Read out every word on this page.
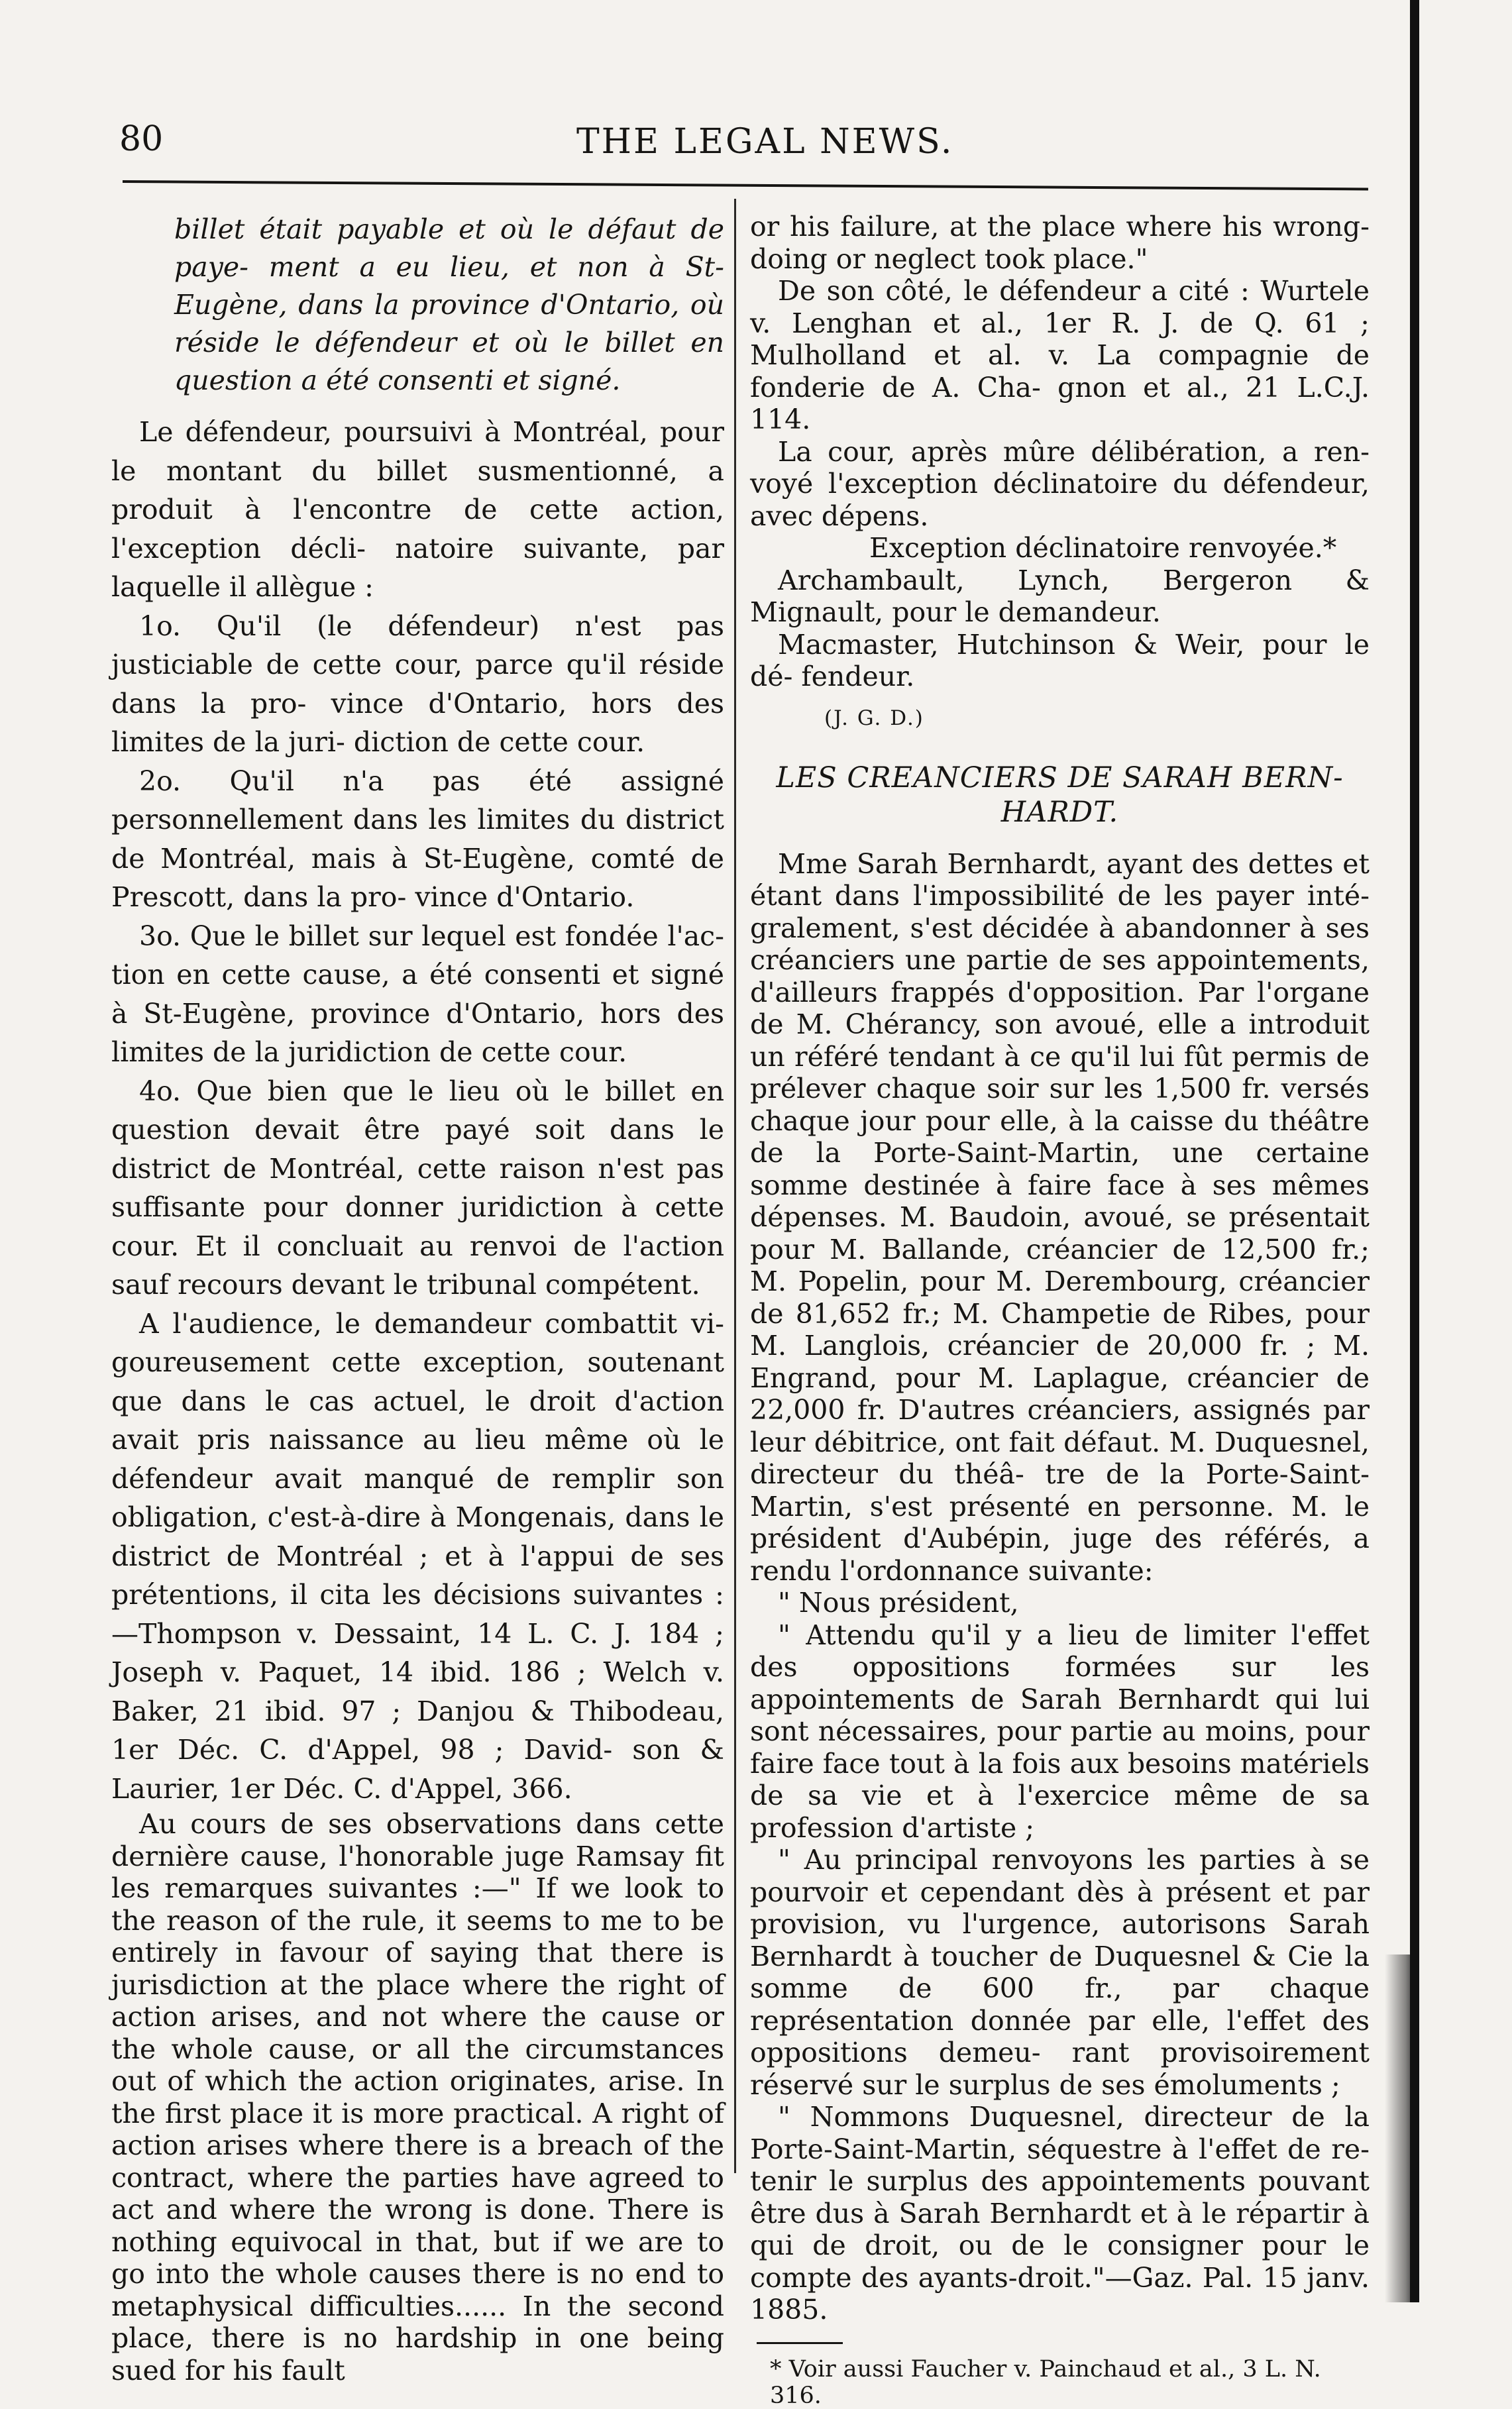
80	THE LEGAL NEWS.

billet était payable et où le défaut de paye- ment a eu lieu, et non à St-Eugène, dans la province d'Ontario, où réside le défendeur et où le billet en question a été consenti et signé.

Le défendeur, poursuivi à Montréal, pour le montant du billet susmentionné, a produit à l'encontre de cette action, l'exception décli- natoire suivante, par laquelle il allègue :

1o. Qu'il (le défendeur) n'est pas justiciable de cette cour, parce qu'il réside dans la pro- vince d'Ontario, hors des limites de la juri- diction de cette cour.

2o. Qu'il n'a pas été assigné personnellement dans les limites du district de Montréal, mais à St-Eugène, comté de Prescott, dans la pro- vince d'Ontario.

3o. Que le billet sur lequel est fondée l'ac- tion en cette cause, a été consenti et signé à St-Eugène, province d'Ontario, hors des limites de la juridiction de cette cour.

4o. Que bien que le lieu où le billet en question devait être payé soit dans le district de Montréal, cette raison n'est pas suffisante pour donner juridiction à cette cour. Et il concluait au renvoi de l'action sauf recours devant le tribunal compétent.

A l'audience, le demandeur combattit vi- goureusement cette exception, soutenant que dans le cas actuel, le droit d'action avait pris naissance au lieu même où le défendeur avait manqué de remplir son obligation, c'est-à-dire à Mongenais, dans le district de Montréal ; et à l'appui de ses prétentions, il cita les décisions suivantes :—Thompson v. Dessaint, 14 L. C. J. 184 ; Joseph v. Paquet, 14 ibid. 186 ; Welch v. Baker, 21 ibid. 97 ; Danjou & Thibodeau, 1er Déc. C. d'Appel, 98 ; David- son & Laurier, 1er Déc. C. d'Appel, 366.

Au cours de ses observations dans cette dernière cause, l'honorable juge Ramsay fit les remarques suivantes :—" If we look to the reason of the rule, it seems to me to be entirely in favour of saying that there is jurisdiction at the place where the right of action arises, and not where the cause or the whole cause, or all the circumstances out of which the action originates, arise. In the first place it is more practical. A right of action arises where there is a breach of the contract, where the parties have agreed to act and where the wrong is done. There is nothing equivocal in that, but if we are to go into the whole causes there is no end to metaphysical difficulties...... In the second place, there is no hardship in one being sued for his fault

or his failure, at the place where his wrong- doing or neglect took place."

De son côté, le défendeur a cité : Wurtele v. Lenghan et al., 1er R. J. de Q. 61 ; Mulholland et al. v. La compagnie de fonderie de A. Cha- gnon et al., 21 L.C.J. 114.

La cour, après mûre délibération, a ren- voyé l'exception déclinatoire du défendeur, avec dépens.

Exception déclinatoire renvoyée.*

Archambault, Lynch, Bergeron & Mignault, pour le demandeur.

Macmaster, Hutchinson & Weir, pour le dé- fendeur.

(J. G. D.)

LES CREANCIERS DE SARAH BERN- HARDT.

Mme Sarah Bernhardt, ayant des dettes et étant dans l'impossibilité de les payer inté- gralement, s'est décidée à abandonner à ses créanciers une partie de ses appointements, d'ailleurs frappés d'opposition. Par l'organe de M. Chérancy, son avoué, elle a introduit un référé tendant à ce qu'il lui fût permis de prélever chaque soir sur les 1,500 fr. versés chaque jour pour elle, à la caisse du théâtre de la Porte-Saint-Martin, une certaine somme destinée à faire face à ses mêmes dépenses. M. Baudoin, avoué, se présentait pour M. Ballande, créancier de 12,500 fr.; M. Popelin, pour M. Derembourg, créancier de 81,652 fr.; M. Champetie de Ribes, pour M. Langlois, créancier de 20,000 fr. ; M. Engrand, pour M. Laplague, créancier de 22,000 fr. D'autres créanciers, assignés par leur débitrice, ont fait défaut. M. Duquesnel, directeur du théâ- tre de la Porte-Saint-Martin, s'est présenté en personne. M. le président d'Aubépin, juge des référés, a rendu l'ordonnance suivante:

" Nous président,

" Attendu qu'il y a lieu de limiter l'effet des oppositions formées sur les appointements de Sarah Bernhardt qui lui sont nécessaires, pour partie au moins, pour faire face tout à la fois aux besoins matériels de sa vie et à l'exercice même de sa profession d'artiste ;

" Au principal renvoyons les parties à se pourvoir et cependant dès à présent et par provision, vu l'urgence, autorisons Sarah Bernhardt à toucher de Duquesnel & Cie la somme de 600 fr., par chaque représentation donnée par elle, l'effet des oppositions demeu- rant provisoirement réservé sur le surplus de ses émoluments ;

" Nommons Duquesnel, directeur de la Porte-Saint-Martin, séquestre à l'effet de re- tenir le surplus des appointements pouvant être dus à Sarah Bernhardt et à le répartir à qui de droit, ou de le consigner pour le compte des ayants-droit."—Gaz. Pal. 15 janv. 1885.

* Voir aussi Faucher v. Painchaud et al., 3 L. N. 316.
